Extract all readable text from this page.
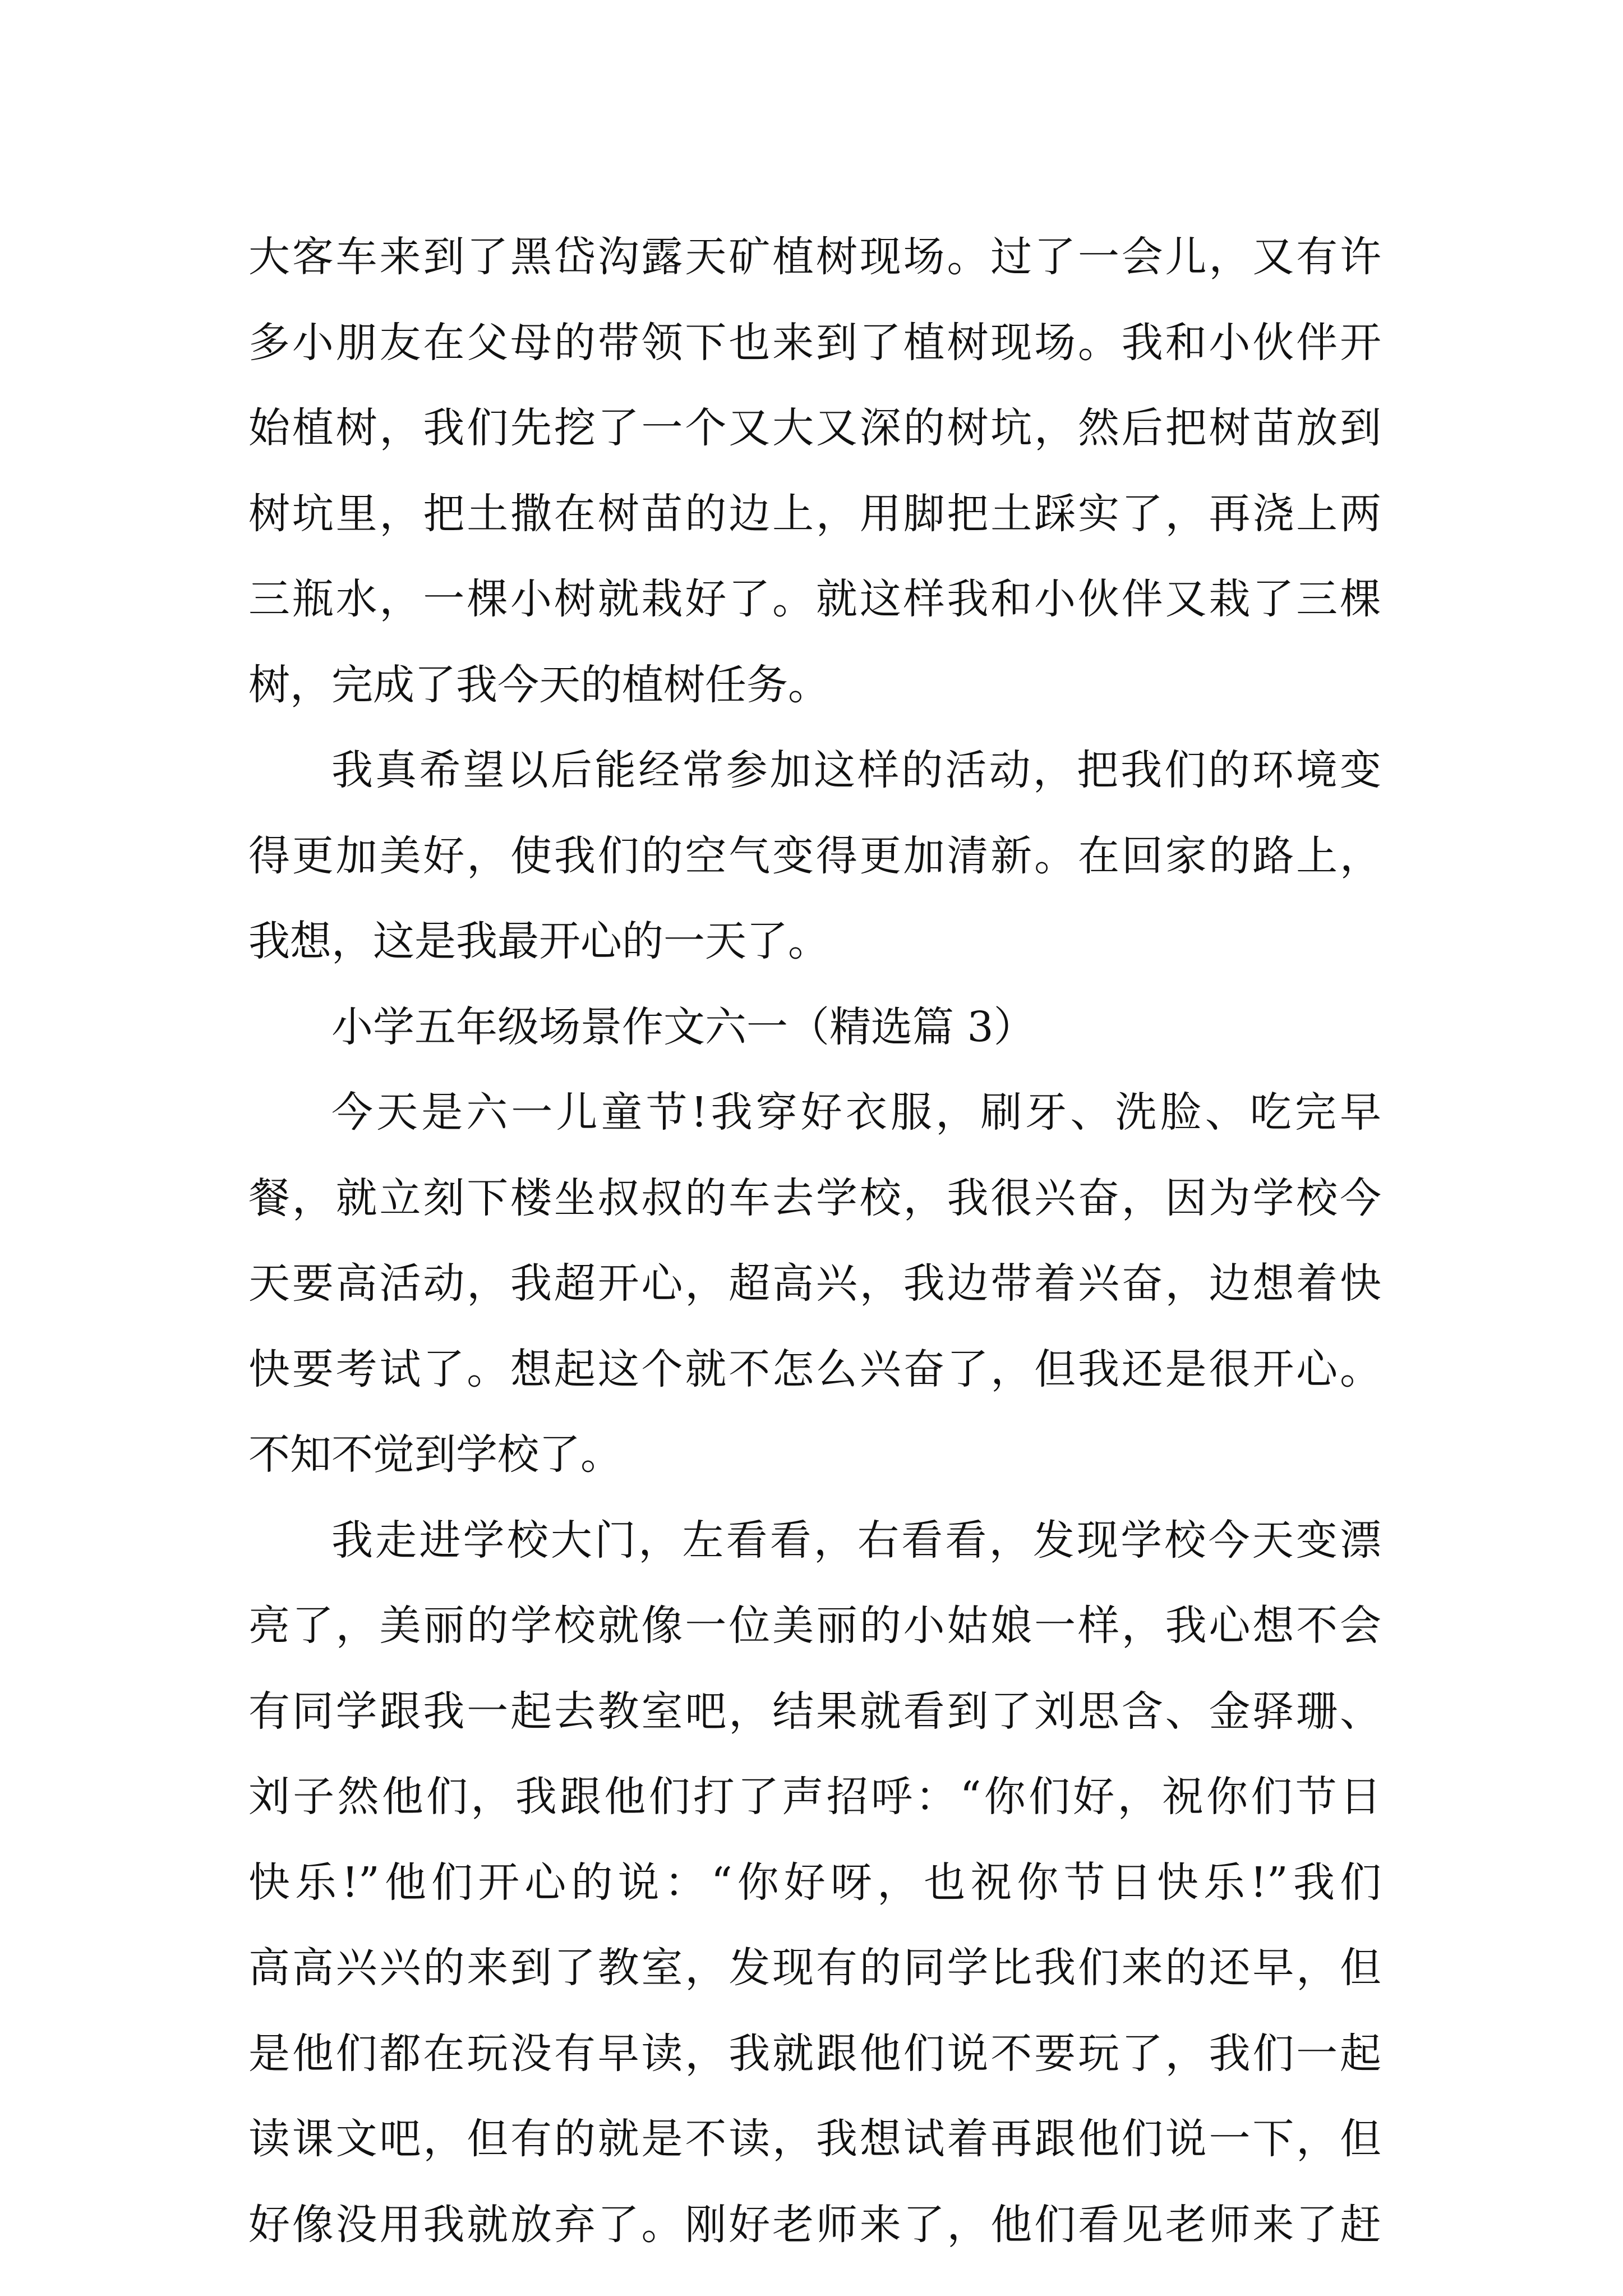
大客车来到了黑岱沟露天矿植树现场。过了一会儿，又有许
多小朋友在父母的带领下也来到了植树现场。我和小伙伴开
始植树，我们先挖了一个又大又深的树坑，然后把树苗放到
树坑里，把土撒在树苗的边上，用脚把土踩实了，再浇上两
三瓶水，一棵小树就栽好了。就这样我和小伙伴又栽了三棵
树，完成了我今天的植树任务。
我真希望以后能经常参加这样的活动，把我们的环境变
得更加美好，使我们的空气变得更加清新。在回家的路上，
我想，这是我最开心的一天了。
小学五年级场景作文六一（精选篇 3）
今天是六一儿童节!我穿好衣服，刷牙、洗脸、吃完早
餐，就立刻下楼坐叔叔的车去学校，我很兴奋，因为学校今
天要高活动，我超开心，超高兴，我边带着兴奋，边想着快
快要考试了。想起这个就不怎么兴奋了，但我还是很开心。
不知不觉到学校了。
我走进学校大门，左看看，右看看，发现学校今天变漂
亮了，美丽的学校就像一位美丽的小姑娘一样，我心想不会
有同学跟我一起去教室吧，结果就看到了刘思含、金驿珊、
刘子然他们，我跟他们打了声招呼：“你们好，祝你们节日
快乐!”他们开心的说：“你好呀，也祝你节日快乐!”我们
高高兴兴的来到了教室，发现有的同学比我们来的还早，但
是他们都在玩没有早读，我就跟他们说不要玩了，我们一起
读课文吧，但有的就是不读，我想试着再跟他们说一下，但
好像没用我就放弃了。刚好老师来了，他们看见老师来了赶
